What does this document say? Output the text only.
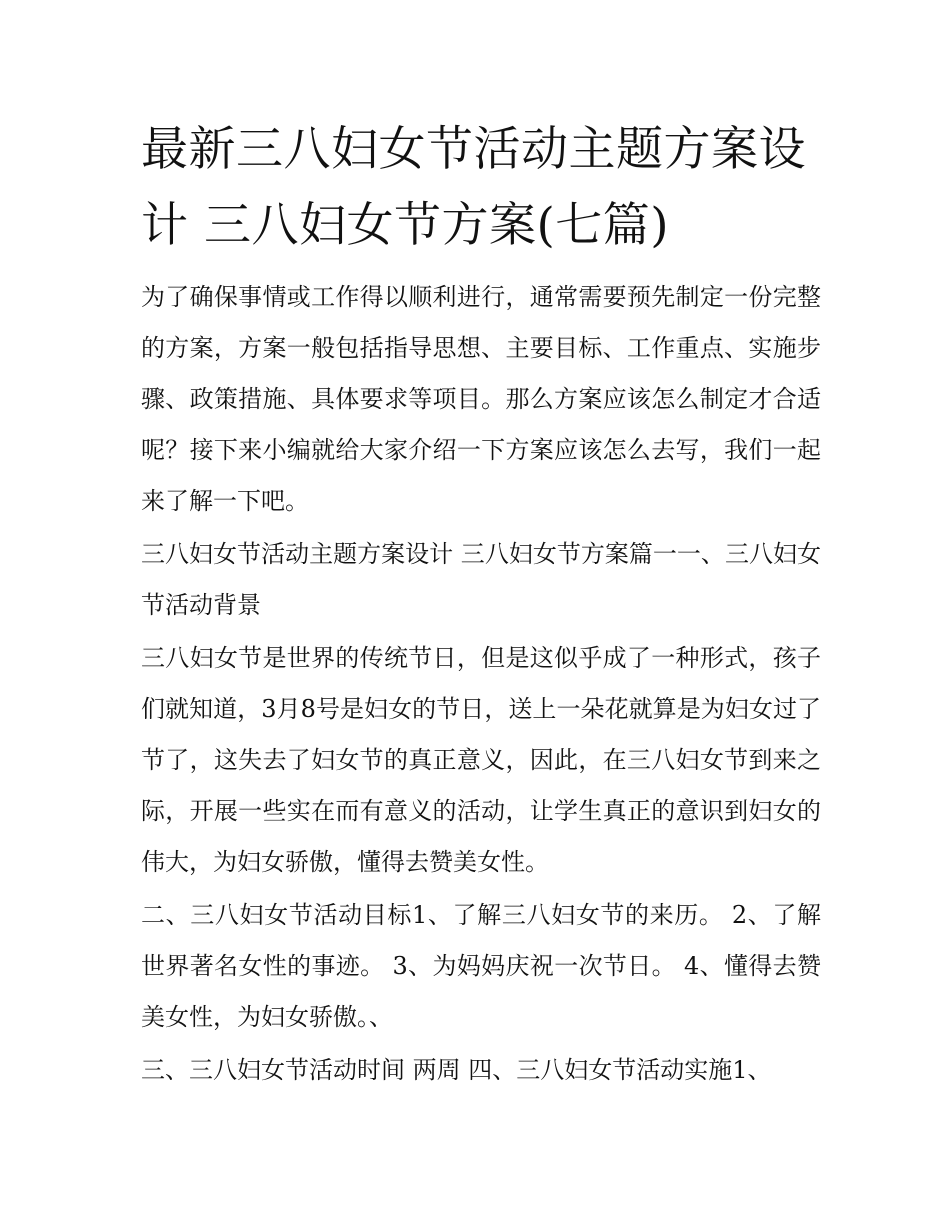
最新三八妇女节活动主题方案设计 三八妇女节方案(七篇)

为了确保事情或工作得以顺利进行，通常需要预先制定一份完整的方案，方案一般包括指导思想、主要目标、工作重点、实施步骤、政策措施、具体要求等项目。那么方案应该怎么制定才合适呢？接下来小编就给大家介绍一下方案应该怎么去写，我们一起来了解一下吧。

三八妇女节活动主题方案设计 三八妇女节方案篇一一、三八妇女节活动背景

三八妇女节是世界的传统节日，但是这似乎成了一种形式，孩子们就知道，3月8号是妇女的节日，送上一朵花就算是为妇女过了节了，这失去了妇女节的真正意义，因此，在三八妇女节到来之际，开展一些实在而有意义的活动，让学生真正的意识到妇女的伟大，为妇女骄傲，懂得去赞美女性。

二、三八妇女节活动目标1、了解三八妇女节的来历。 2、了解世界著名女性的事迹。 3、为妈妈庆祝一次节日。 4、懂得去赞美女性，为妇女骄傲。、

三、三八妇女节活动时间 两周 四、三八妇女节活动实施1、
